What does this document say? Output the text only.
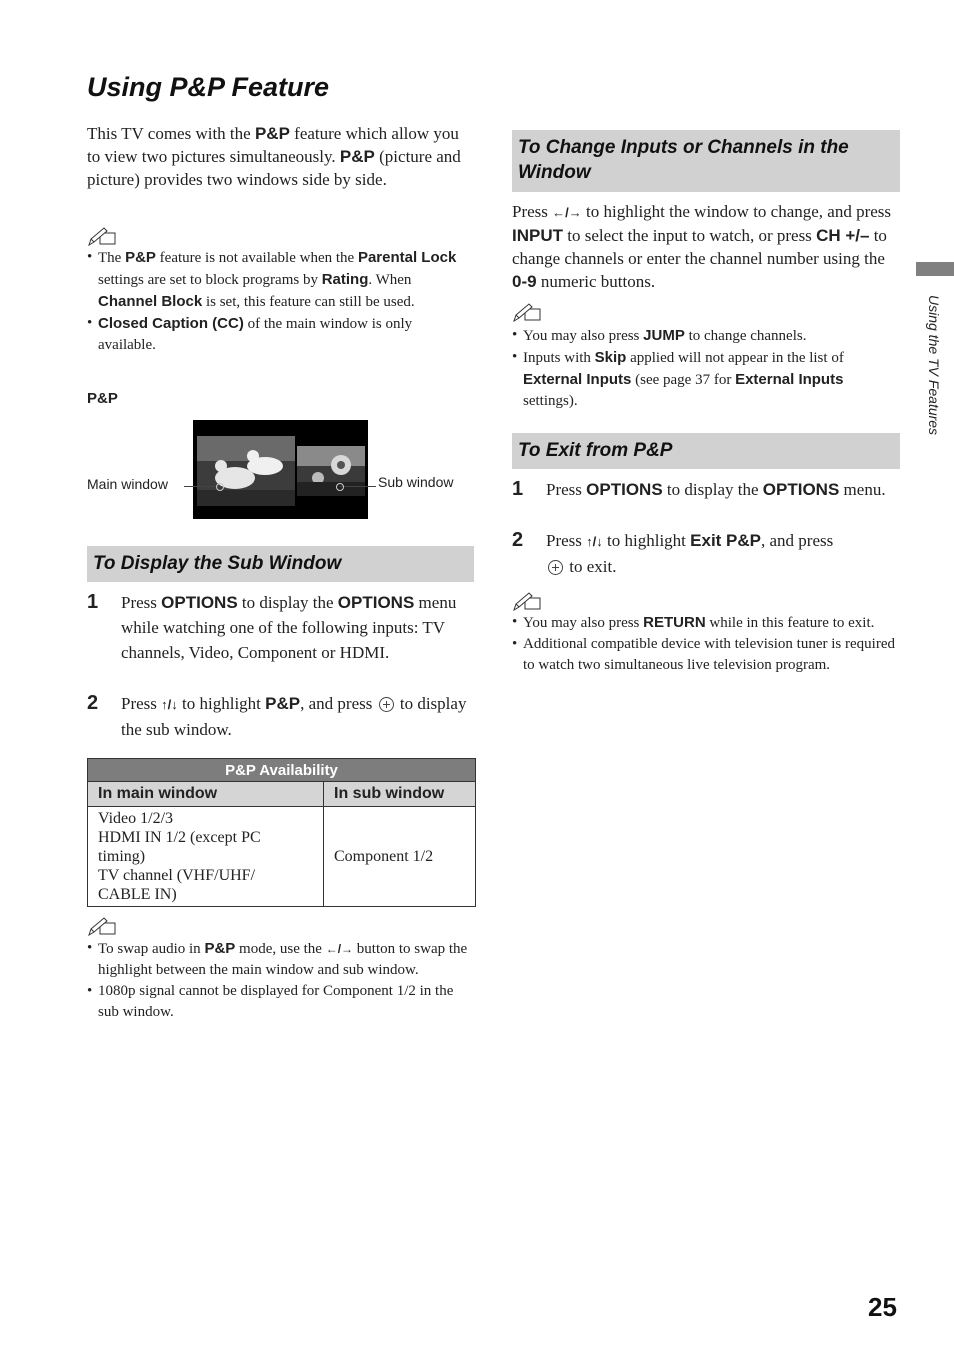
Using P&P Feature
This TV comes with the P&P feature which allow you to view two pictures simultaneously. P&P (picture and picture) provides two windows side by side.
• The P&P feature is not available when the Parental Lock settings are set to block programs by Rating. When Channel Block is set, this feature can still be used.
• Closed Caption (CC) of the main window is only available.
P&P
Main window	Sub window
To Display the Sub Window
1 Press OPTIONS to display the OPTIONS menu while watching one of the following inputs: TV channels, Video, Component or HDMI.
2 Press ↑/↓ to highlight P&P, and press  to display the sub window.
P&P Availability	
In main window	In sub window

Video 1/2/3
HDMI IN 1/2 (except PC
timing)
TV channel (VHF/UHF/
CABLE IN)	Component 1/2
• To swap audio in P&P mode, use the ←/→ button to swap the highlight between the main window and sub window.
• 1080p signal cannot be displayed for Component 1/2 in the sub window.
To Change Inputs or Channels in the Window
Press ←/→ to highlight the window to change, and press INPUT to select the input to watch, or press CH +/– to change channels or enter the channel number using the 0-9 numeric buttons.
• You may also press JUMP to change channels.
• Inputs with Skip applied will not appear in the list of External Inputs (see page 37 for External Inputs settings).
To Exit from P&P
1 Press OPTIONS to display the OPTIONS menu.
2 Press ↑/↓ to highlight Exit P&P, and press
to exit.
• You may also press RETURN while in this feature to exit.
• Additional compatible device with television tuner is required to watch two simultaneous live television program.
Using the TV Features
25
